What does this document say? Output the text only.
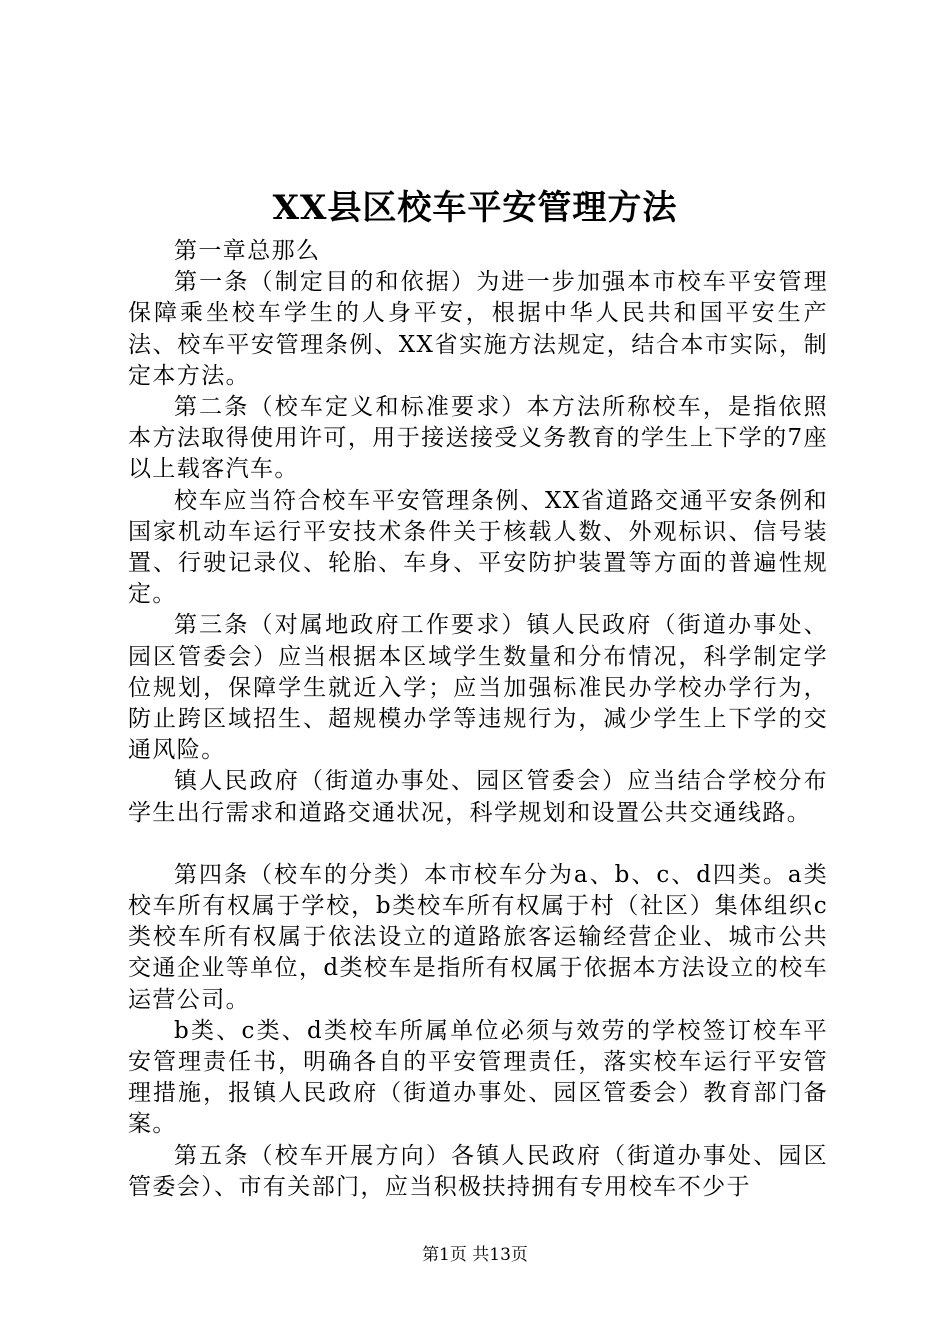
XX县区校车平安管理方法

第一章总那么

第一条（制定目的和依据）为进一步加强本市校车平安管理保障乘坐校车学生的人身平安，根据中华人民共和国平安生产法、校车平安管理条例、XX省实施方法规定，结合本市实际，制定本方法。

第二条（校车定义和标准要求）本方法所称校车，是指依照本方法取得使用许可，用于接送接受义务教育的学生上下学的7座以上载客汽车。

校车应当符合校车平安管理条例、XX省道路交通平安条例和国家机动车运行平安技术条件关于核载人数、外观标识、信号装置、行驶记录仪、轮胎、车身、平安防护装置等方面的普遍性规定。

第三条（对属地政府工作要求）镇人民政府（街道办事处、园区管委会）应当根据本区域学生数量和分布情况，科学制定学位规划，保障学生就近入学；应当加强标准民办学校办学行为，防止跨区域招生、超规模办学等违规行为，减少学生上下学的交通风险。

镇人民政府（街道办事处、园区管委会）应当结合学校分布学生出行需求和道路交通状况，科学规划和设置公共交通线路。

第四条（校车的分类）本市校车分为a、b、c、d四类。a类校车所有权属于学校，b类校车所有权属于村（社区）集体组织c类校车所有权属于依法设立的道路旅客运输经营企业、城市公共交通企业等单位，d类校车是指所有权属于依据本方法设立的校车运营公司。

b类、c类、d类校车所属单位必须与效劳的学校签订校车平安管理责任书，明确各自的平安管理责任，落实校车运行平安管理措施，报镇人民政府（街道办事处、园区管委会）教育部门备案。

第五条（校车开展方向）各镇人民政府（街道办事处、园区管委会）、市有关部门，应当积极扶持拥有专用校车不少于

第1页 共13页
